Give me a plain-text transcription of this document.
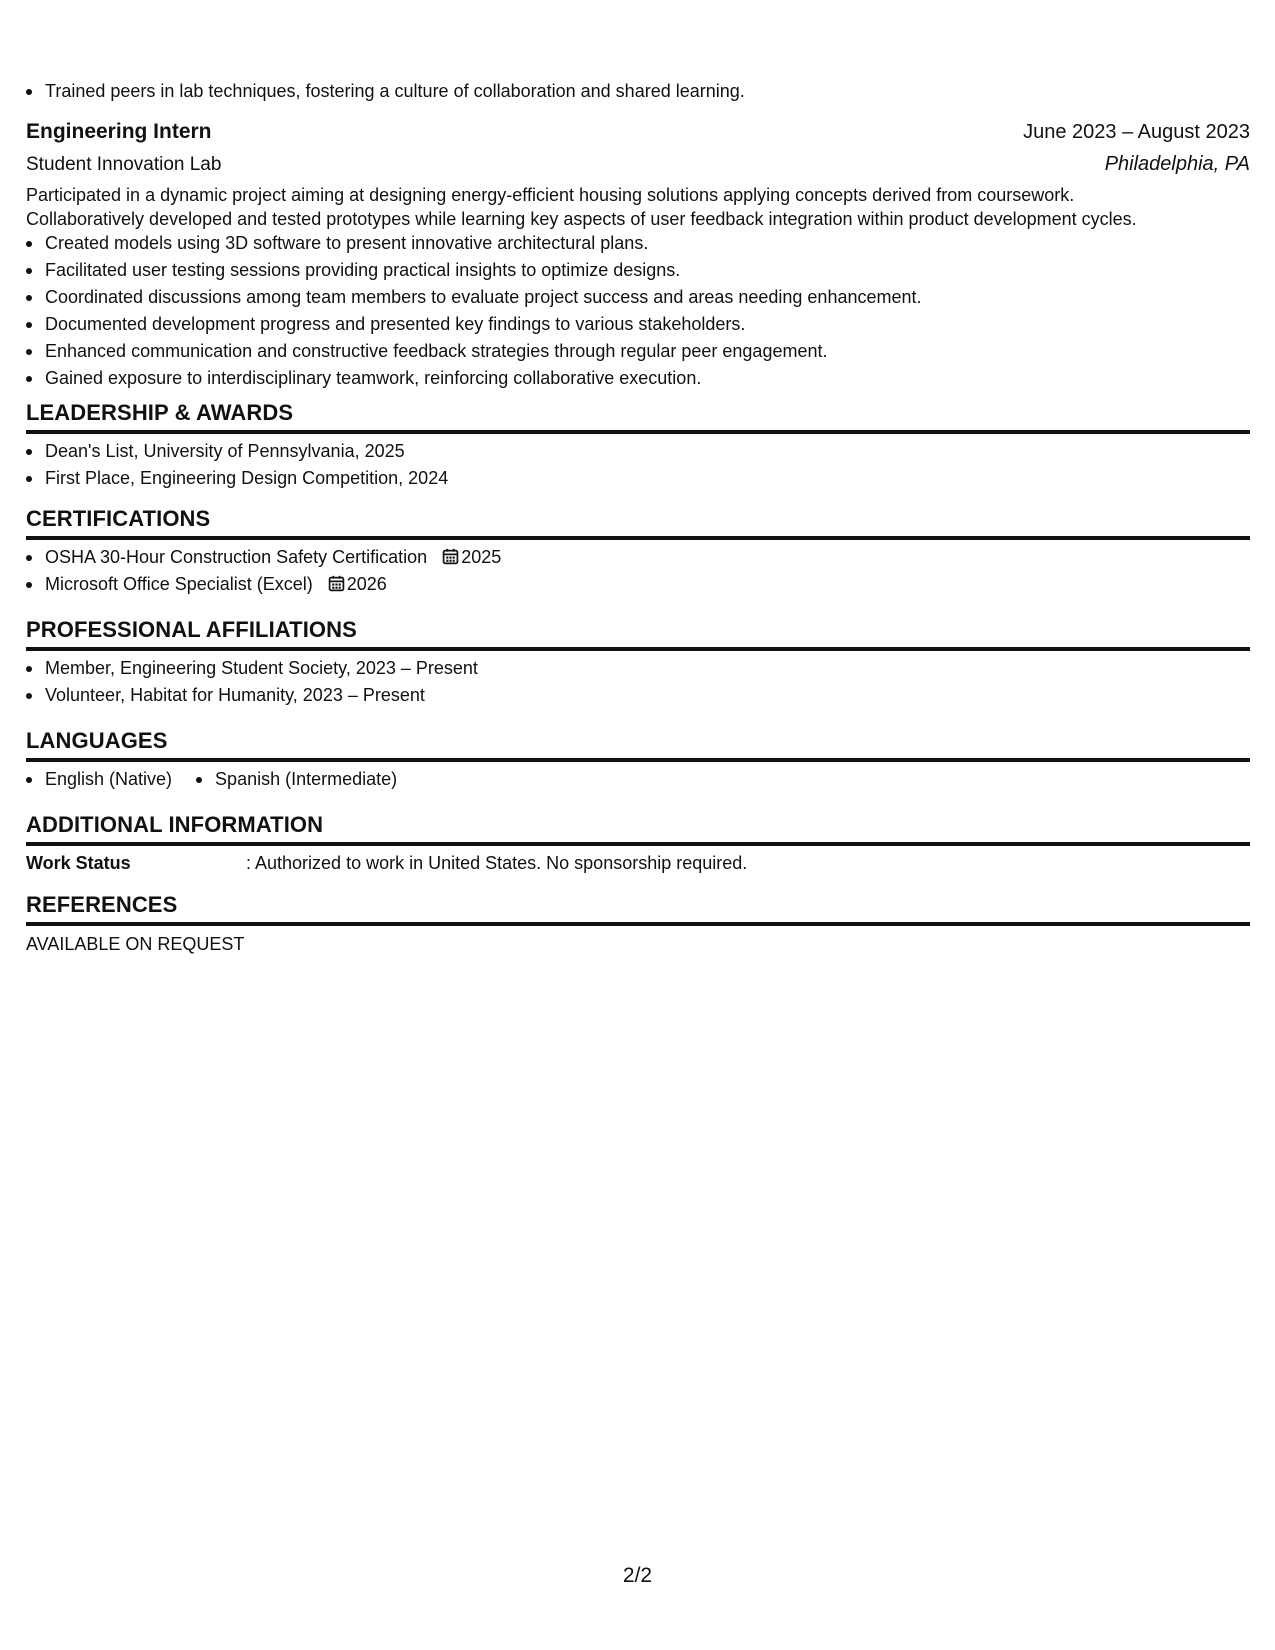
Trained peers in lab techniques, fostering a culture of collaboration and shared learning.
Engineering Intern	June 2023 – August 2023
Student Innovation Lab	Philadelphia, PA
Participated in a dynamic project aiming at designing energy-efficient housing solutions applying concepts derived from coursework.
Collaboratively developed and tested prototypes while learning key aspects of user feedback integration within product development cycles.
Created models using 3D software to present innovative architectural plans.
Facilitated user testing sessions providing practical insights to optimize designs.
Coordinated discussions among team members to evaluate project success and areas needing enhancement.
Documented development progress and presented key findings to various stakeholders.
Enhanced communication and constructive feedback strategies through regular peer engagement.
Gained exposure to interdisciplinary teamwork, reinforcing collaborative execution.
LEADERSHIP & AWARDS
Dean's List, University of Pennsylvania, 2025
First Place, Engineering Design Competition, 2024
CERTIFICATIONS
OSHA 30-Hour Construction Safety Certification 2025
Microsoft Office Specialist (Excel) 2026
PROFESSIONAL AFFILIATIONS
Member, Engineering Student Society, 2023 – Present
Volunteer, Habitat for Humanity, 2023 – Present
LANGUAGES
English (Native)	Spanish (Intermediate)
ADDITIONAL INFORMATION
Work Status	: Authorized to work in United States. No sponsorship required.
REFERENCES
AVAILABLE ON REQUEST
2/2
